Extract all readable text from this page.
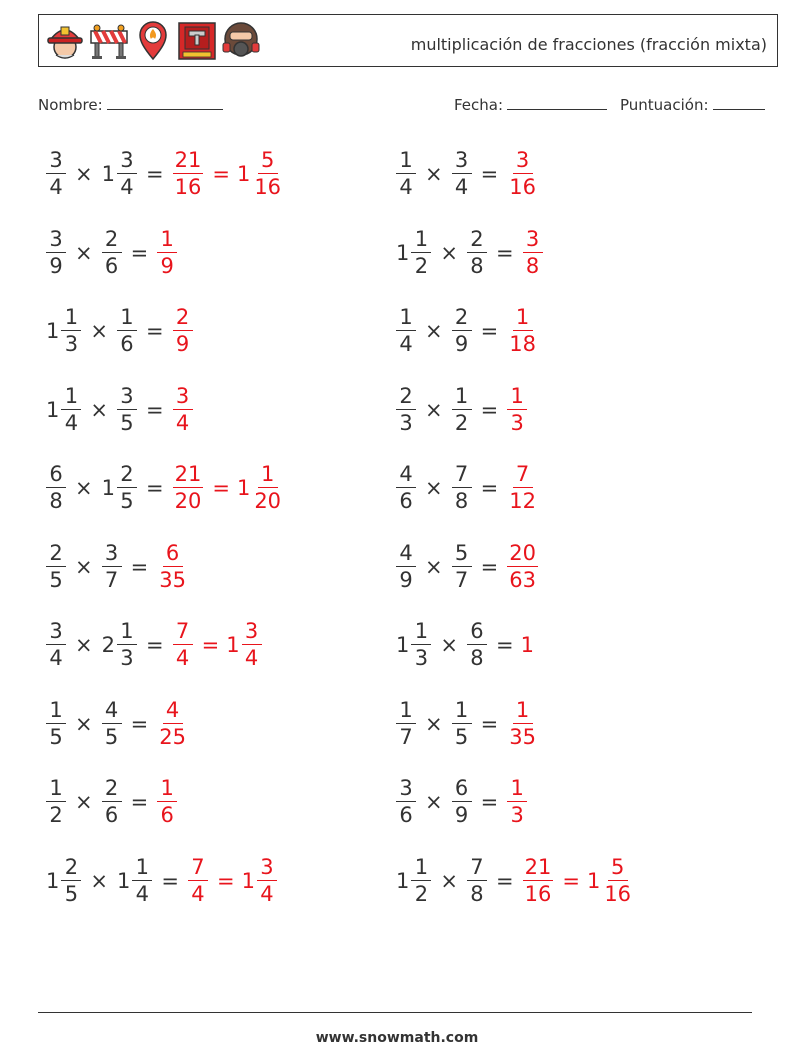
multiplicación de fracciones (fracción mixta)
Nombre:	Fecha:	Puntuación:
$\frac{3}{4} \times 1 \frac{3}{4} = \frac{21}{16} = 1 \frac{5}{16}$	$\frac{1}{4} \times \frac{3}{4} = \frac{3}{16}$
$\frac{3}{9} \times \frac{2}{6} = \frac{1}{9}$	$1 \frac{1}{2} \times \frac{2}{8} = \frac{3}{8}$
$1 \frac{1}{3} \times \frac{1}{6} = \frac{2}{9}$	$\frac{1}{4} \times \frac{2}{9} = \frac{1}{18}$
$1 \frac{1}{4} \times \frac{3}{5} = \frac{3}{4}$	$\frac{2}{3} \times \frac{1}{2} = \frac{1}{3}$
$\frac{6}{8} \times 1 \frac{2}{5} = \frac{21}{20} = 1 \frac{1}{20}$	$\frac{4}{6} \times \frac{7}{8} = \frac{7}{12}$
$\frac{2}{5} \times \frac{3}{7} = \frac{6}{35}$	$\frac{4}{9} \times \frac{5}{7} = \frac{20}{63}$
$\frac{3}{4} \times 2 \frac{1}{3} = \frac{7}{4} = 1 \frac{3}{4}$	$1 \frac{1}{3} \times \frac{6}{8} = 1$
$\frac{1}{5} \times \frac{4}{5} = \frac{4}{25}$	$\frac{1}{7} \times \frac{1}{5} = \frac{1}{35}$
$\frac{1}{2} \times \frac{2}{6} = \frac{1}{6}$	$\frac{3}{6} \times \frac{6}{9} = \frac{1}{3}$
$1 \frac{2}{5} \times 1 \frac{1}{4} = \frac{7}{4} = 1 \frac{3}{4}$	$1 \frac{1}{2} \times \frac{7}{8} = \frac{21}{16} = 1 \frac{5}{16}$
www.snowmath.com
